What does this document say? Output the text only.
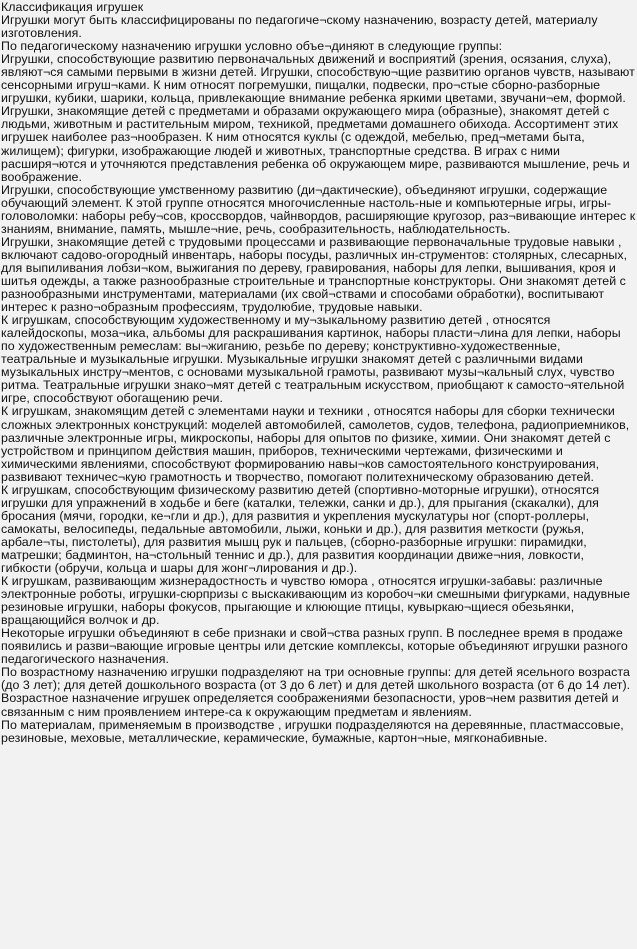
Классификация игрушек

Игрушки могут быть классифицированы по педагогиче¬скому назначению, возрасту детей, материалу изготовления.

По педагогическому назначению игрушки условно объе¬диняют в следующие группы:

Игрушки, способствующие развитию первоначальных движений и восприятий (зрения, осязания, слуха), являют¬ся самыми первыми в жизни детей. Игрушки, способствую¬щие развитию органов чувств, называют сенсорными игруш¬ками. К ним относят погремушки, пищалки, подвески, про¬стые сборно-разборные игрушки, кубики, шарики, кольца, привлекающие внимание ребенка яркими цветами, звучани¬ем, формой.

Игрушки, знакомящие детей с предметами и образами окружающего мира (образные), знакомят детей с людьми, животным и растительным миром, техникой, предметами домашнего обихода. Ассортимент этих игрушек наиболее раз¬нообразен. К ним относятся куклы (с одеждой, мебелью, пред¬метами быта, жилищем); фигурки, изображающие людей и животных, транспортные средства. В играх с ними расширя¬ются и уточняются представления ребенка об окружающем мире, развиваются мышление, речь и воображение.

Игрушки, способствующие умственному развитию (ди¬дактические), объединяют игрушки, содержащие обучающий элемент. К этой группе относятся многочисленные настоль-ные и компьютерные игры, игры-головоломки: наборы ребу¬сов, кроссвордов, чайнвордов, расширяющие кругозор, раз¬вивающие интерес к знаниям, внимание, память, мышле¬ние, речь, сообразительность, наблюдательность.

Игрушки, знакомящие детей с трудовыми процессами и развивающие первоначальные трудовые навыки , включают садово-огородный инвентарь, наборы посуды, различных ин-струментов: столярных, слесарных, для выпиливания лобзи¬ком, выжигания по дереву, гравирования, наборы для лепки, вышивания, кроя и шитья одежды, а также разнообразные строительные и транспортные конструкторы. Они знакомят детей с разнообразными инструментами, материалами (их свой¬ствами и способами обработки), воспитывают интерес к разно¬образным профессиям, трудолюбие, трудовые навыки.

К игрушкам, способствующим художественному и му¬зыкальному развитию детей , относятся калейдоскопы, моза¬ика, альбомы для раскрашивания картинок, наборы пласти¬лина для лепки, наборы по художественным ремеслам: вы¬жиганию, резьбе по дереву; конструктивно-художественные, театральные и музыкальные игрушки. Музыкальные игрушки знакомят детей с различными видами музыкальных инстру¬ментов, с основами музыкальной грамоты, развивают музы¬кальный слух, чувство ритма. Театральные игрушки знако¬мят детей с театральным искусством, приобщают к самосто¬ятельной игре, способствуют обогащению речи.

К игрушкам, знакомящим детей с элементами науки и техники , относятся наборы для сборки технически сложных электронных конструкций: моделей автомобилей, самолетов, судов, телефона, радиоприемников, различные электронные игры, микроскопы, наборы для опытов по физике, химии. Они знакомят детей с устройством и принципом действия машин, приборов, техническими чертежами, физическими и химическими явлениями, способствуют формированию навы¬ков самостоятельного конструирования, развивают техничес¬кую грамотность и творчество, помогают политехническому образованию детей.

К игрушкам, способствующим физическому развитию детей (спортивно-моторные игрушки), относятся игрушки для упражнений в ходьбе и беге (каталки, тележки, санки и др.), для прыгания (скакалки), для бросания (мячи, городки, ке¬гли и др.), для развития и укрепления мускулатуры ног (спорт-роллеры, самокаты, велосипеды, педальные автомобили, лыжи, коньки и др.), для развития меткости (ружья, арбале¬ты, пистолеты), для развития мышц рук и пальцев, (сборно-разборные игрушки: пирамидки, матрешки; бадминтон, на¬стольный теннис и др.), для развития координации движе¬ния, ловкости, гибкости (обручи, кольца и шары для жонг¬лирования и др.).

К игрушкам, развивающим жизнерадостность и чувство юмора , относятся игрушки-забавы: различные электронные роботы, игрушки-сюрпризы с выскакивающим из коробоч¬ки смешными фигурками, надувные резиновые игрушки, наборы фокусов, прыгающие и клюющие птицы, кувыркаю¬щиеся обезьянки, вращающийся волчок и др.

Некоторые игрушки объединяют в себе признаки и свой¬ства разных групп. В последнее время в продаже появились и разви¬вающие игровые центры или детские комплексы, которые объединяют игрушки разного педагогического назначения.

По возрастному назначению игрушки подразделяют на три основные группы: для детей ясельного возраста (до 3 лет); для детей дошкольного возраста (от 3 до 6 лет) и для детей школьного возраста (от 6 до 14 лет). Возрастное назначение игрушек определяется соображениями безопасности, уров¬нем развития детей и связанным с ним проявлением интере-са к окружающим предметам и явлениям.

По материалам, применяемым в производстве , игрушки подразделяются на деревянные, пластмассовые, резиновые, меховые, металлические, керамические, бумажные, картон¬ные, мягконабивные.
